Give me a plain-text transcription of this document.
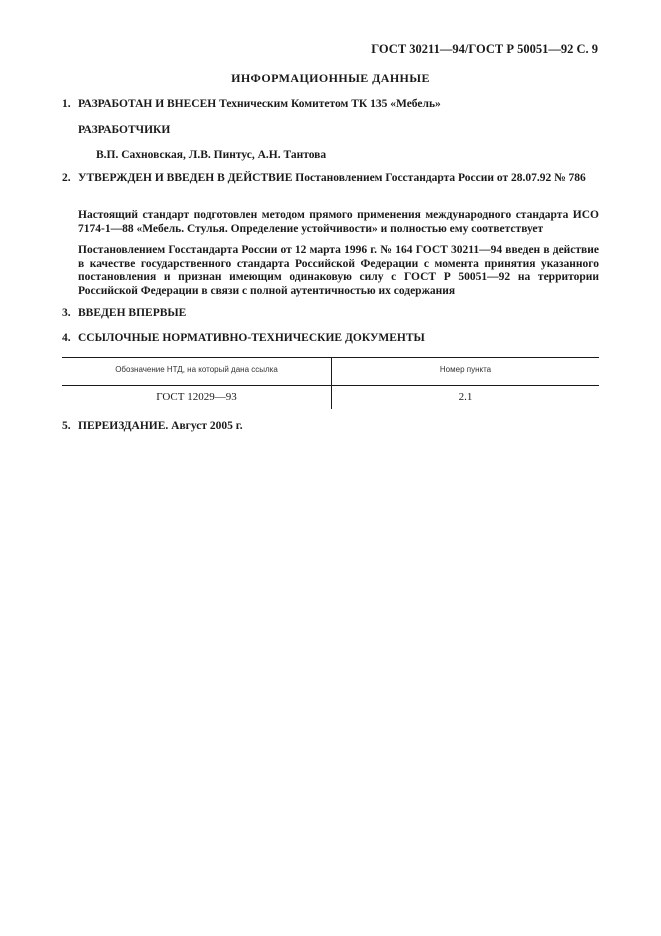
ГОСТ 30211—94/ГОСТ Р 50051—92 С. 9
ИНФОРМАЦИОННЫЕ ДАННЫЕ
1. РАЗРАБОТАН И ВНЕСЕН Техническим Комитетом ТК 135 «Мебель»
РАЗРАБОТЧИКИ
В.П. Сахновская, Л.В. Пинтус, А.Н. Тантова
2. УТВЕРЖДЕН И ВВЕДЕН В ДЕЙСТВИЕ Постановлением Госстандарта России от 28.07.92 № 786
Настоящий стандарт подготовлен методом прямого применения международного стандарта ИСО 7174-1—88 «Мебель. Стулья. Определение устойчивости» и полностью ему соответствует
Постановлением Госстандарта России от 12 марта 1996 г. № 164 ГОСТ 30211—94 введен в действие в качестве государственного стандарта Российской Федерации с момента принятия указанного постановления и признан имеющим одинаковую силу с ГОСТ Р 50051—92 на территории Российской Федерации в связи с полной аутентичностью их содержания
3. ВВЕДЕН ВПЕРВЫЕ
4. ССЫЛОЧНЫЕ НОРМАТИВНО-ТЕХНИЧЕСКИЕ ДОКУМЕНТЫ
Обозначение НТД, на который дана ссылка	Номер пункта
ГОСТ 12029—93	2.1
5. ПЕРЕИЗДАНИЕ. Август 2005 г.
